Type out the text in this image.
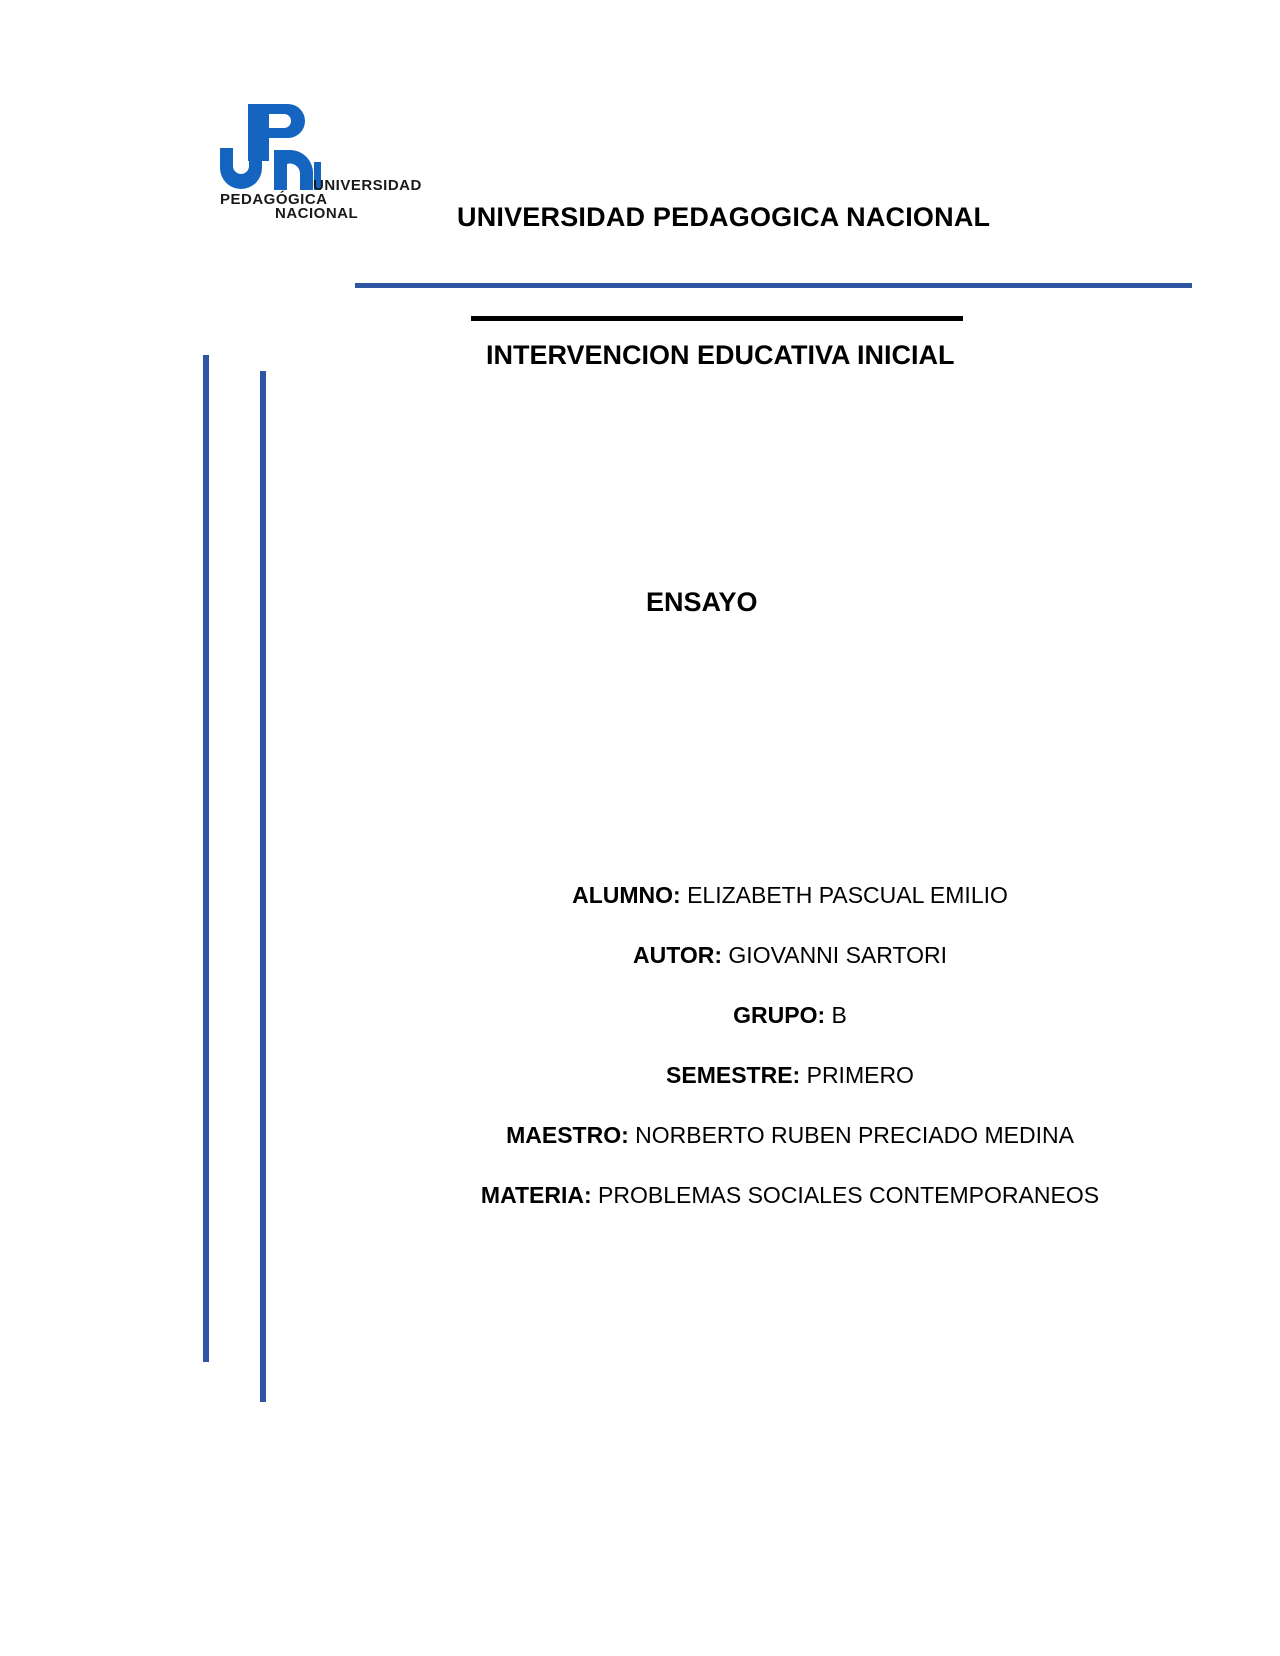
UNIVERSIDAD
PEDAGÓGICA
NACIONAL	UNIVERSIDAD PEDAGOGICA NACIONAL
INTERVENCION EDUCATIVA INICIAL
ENSAYO
ALUMNO: ELIZABETH PASCUAL EMILIO
AUTOR: GIOVANNI SARTORI
GRUPO: B
SEMESTRE: PRIMERO
MAESTRO: NORBERTO RUBEN PRECIADO MEDINA
MATERIA: PROBLEMAS SOCIALES CONTEMPORANEOS
